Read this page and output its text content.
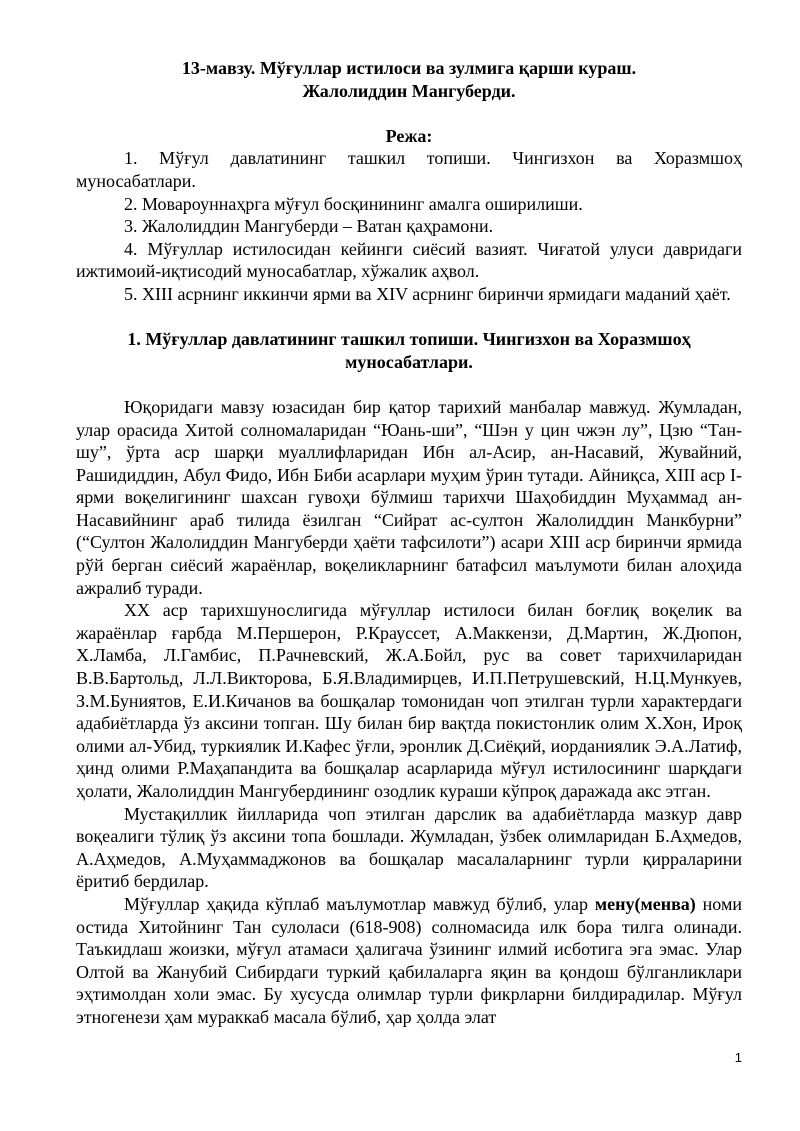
13-мавзу. Мўғуллар истилоси ва зулмига қарши кураш.
Жалолиддин Мангуберди.
Режа:

1. Мўғул давлатининг ташкил топиши. Чингизхон ва Хоразмшоҳ муносабатлари.

2. Мовароуннаҳрга мўғул босқинининг амалга оширилиши.

3. Жалолиддин Мангуберди – Ватан қаҳрамони.

4. Мўғуллар истилосидан кейинги сиёсий вазият. Чиғатой улуси давридаги ижтимоий-иқтисодий муносабатлар, хўжалик аҳвол.

5. XIII асрнинг иккинчи ярми ва XIV асрнинг биринчи ярмидаги маданий ҳаёт.

1. Мўғуллар давлатининг ташкил топиши. Чингизхон ва Хоразмшоҳ муносабатлари.

Юқоридаги мавзу юзасидан бир қатор тарихий манбалар мавжуд. Жумладан, улар орасида Хитой солномаларидан “Юань-ши”, “Шэн у цин чжэн лу”, Цзю “Тан-шу”, ўрта аср шарқи муаллифларидан Ибн ал-Асир, ан-Насавий, Жувайний, Рашидиддин, Абул Фидо, Ибн Биби асарлари муҳим ўрин тутади. Айниқса, XIII аср I-ярми воқелигининг шахсан гувоҳи бўлмиш тарихчи Шаҳобиддин Муҳаммад ан-Насавийнинг араб тилида ёзилган “Сийрат ас-султон Жалолиддин Манкбурни” (“Султон Жалолиддин Мангуберди ҳаёти тафсилоти”) асари XIII аср биринчи ярмида рўй берган сиёсий жараёнлар, воқеликларнинг батафсил маълумоти билан алоҳида ажралиб туради.

XX аср тарихшунослигида мўғуллар истилоси билан боғлиқ воқелик ва жараёнлар ғарбда М.Першерон, Р.Крауссет, А.Маккензи, Д.Мартин, Ж.Дюпон, Х.Ламба, Л.Гамбис, П.Рачневский, Ж.А.Бойл, рус ва совет тарихчиларидан В.В.Бартольд, Л.Л.Викторова, Б.Я.Владимирцев, И.П.Петрушевский, Н.Ц.Мункуев, З.М.Буниятов, Е.И.Кичанов ва бошқалар томонидан чоп этилган турли характердаги адабиётларда ўз аксини топган. Шу билан бир вақтда покистонлик олим Х.Хон, Ироқ олими ал-Убид, туркиялик И.Кафес ўғли, эронлик Д.Сиёқий, иорданиялик Э.А.Латиф, ҳинд олими Р.Маҳапандита ва бошқалар асарларида мўғул истилосининг шарқдаги ҳолати, Жалолиддин Мангубердининг озодлик кураши кўпроқ даражада акс этган.

Мустақиллик йилларида чоп этилган дарслик ва адабиётларда мазкур давр воқеалиги тўлиқ ўз аксини топа бошлади. Жумладан, ўзбек олимларидан Б.Аҳмедов, А.Аҳмедов, А.Муҳаммаджонов ва бошқалар масалаларнинг турли қирраларини ёритиб бердилар.

Мўғуллар ҳақида кўплаб маълумотлар мавжуд бўлиб, улар мену(менва) номи остида Хитойнинг Тан сулоласи (618-908) солномасида илк бора тилга олинади. Таъкидлаш жоизки, мўғул атамаси ҳалигача ўзининг илмий исботига эга эмас. Улар Олтой ва Жанубий Сибирдаги туркий қабилаларга яқин ва қондош бўлганликлари эҳтимолдан холи эмас. Бу хусусда олимлар турли фикрларни билдирадилар. Мўғул этногенези ҳам мураккаб масала бўлиб, ҳар ҳолда элат

1
